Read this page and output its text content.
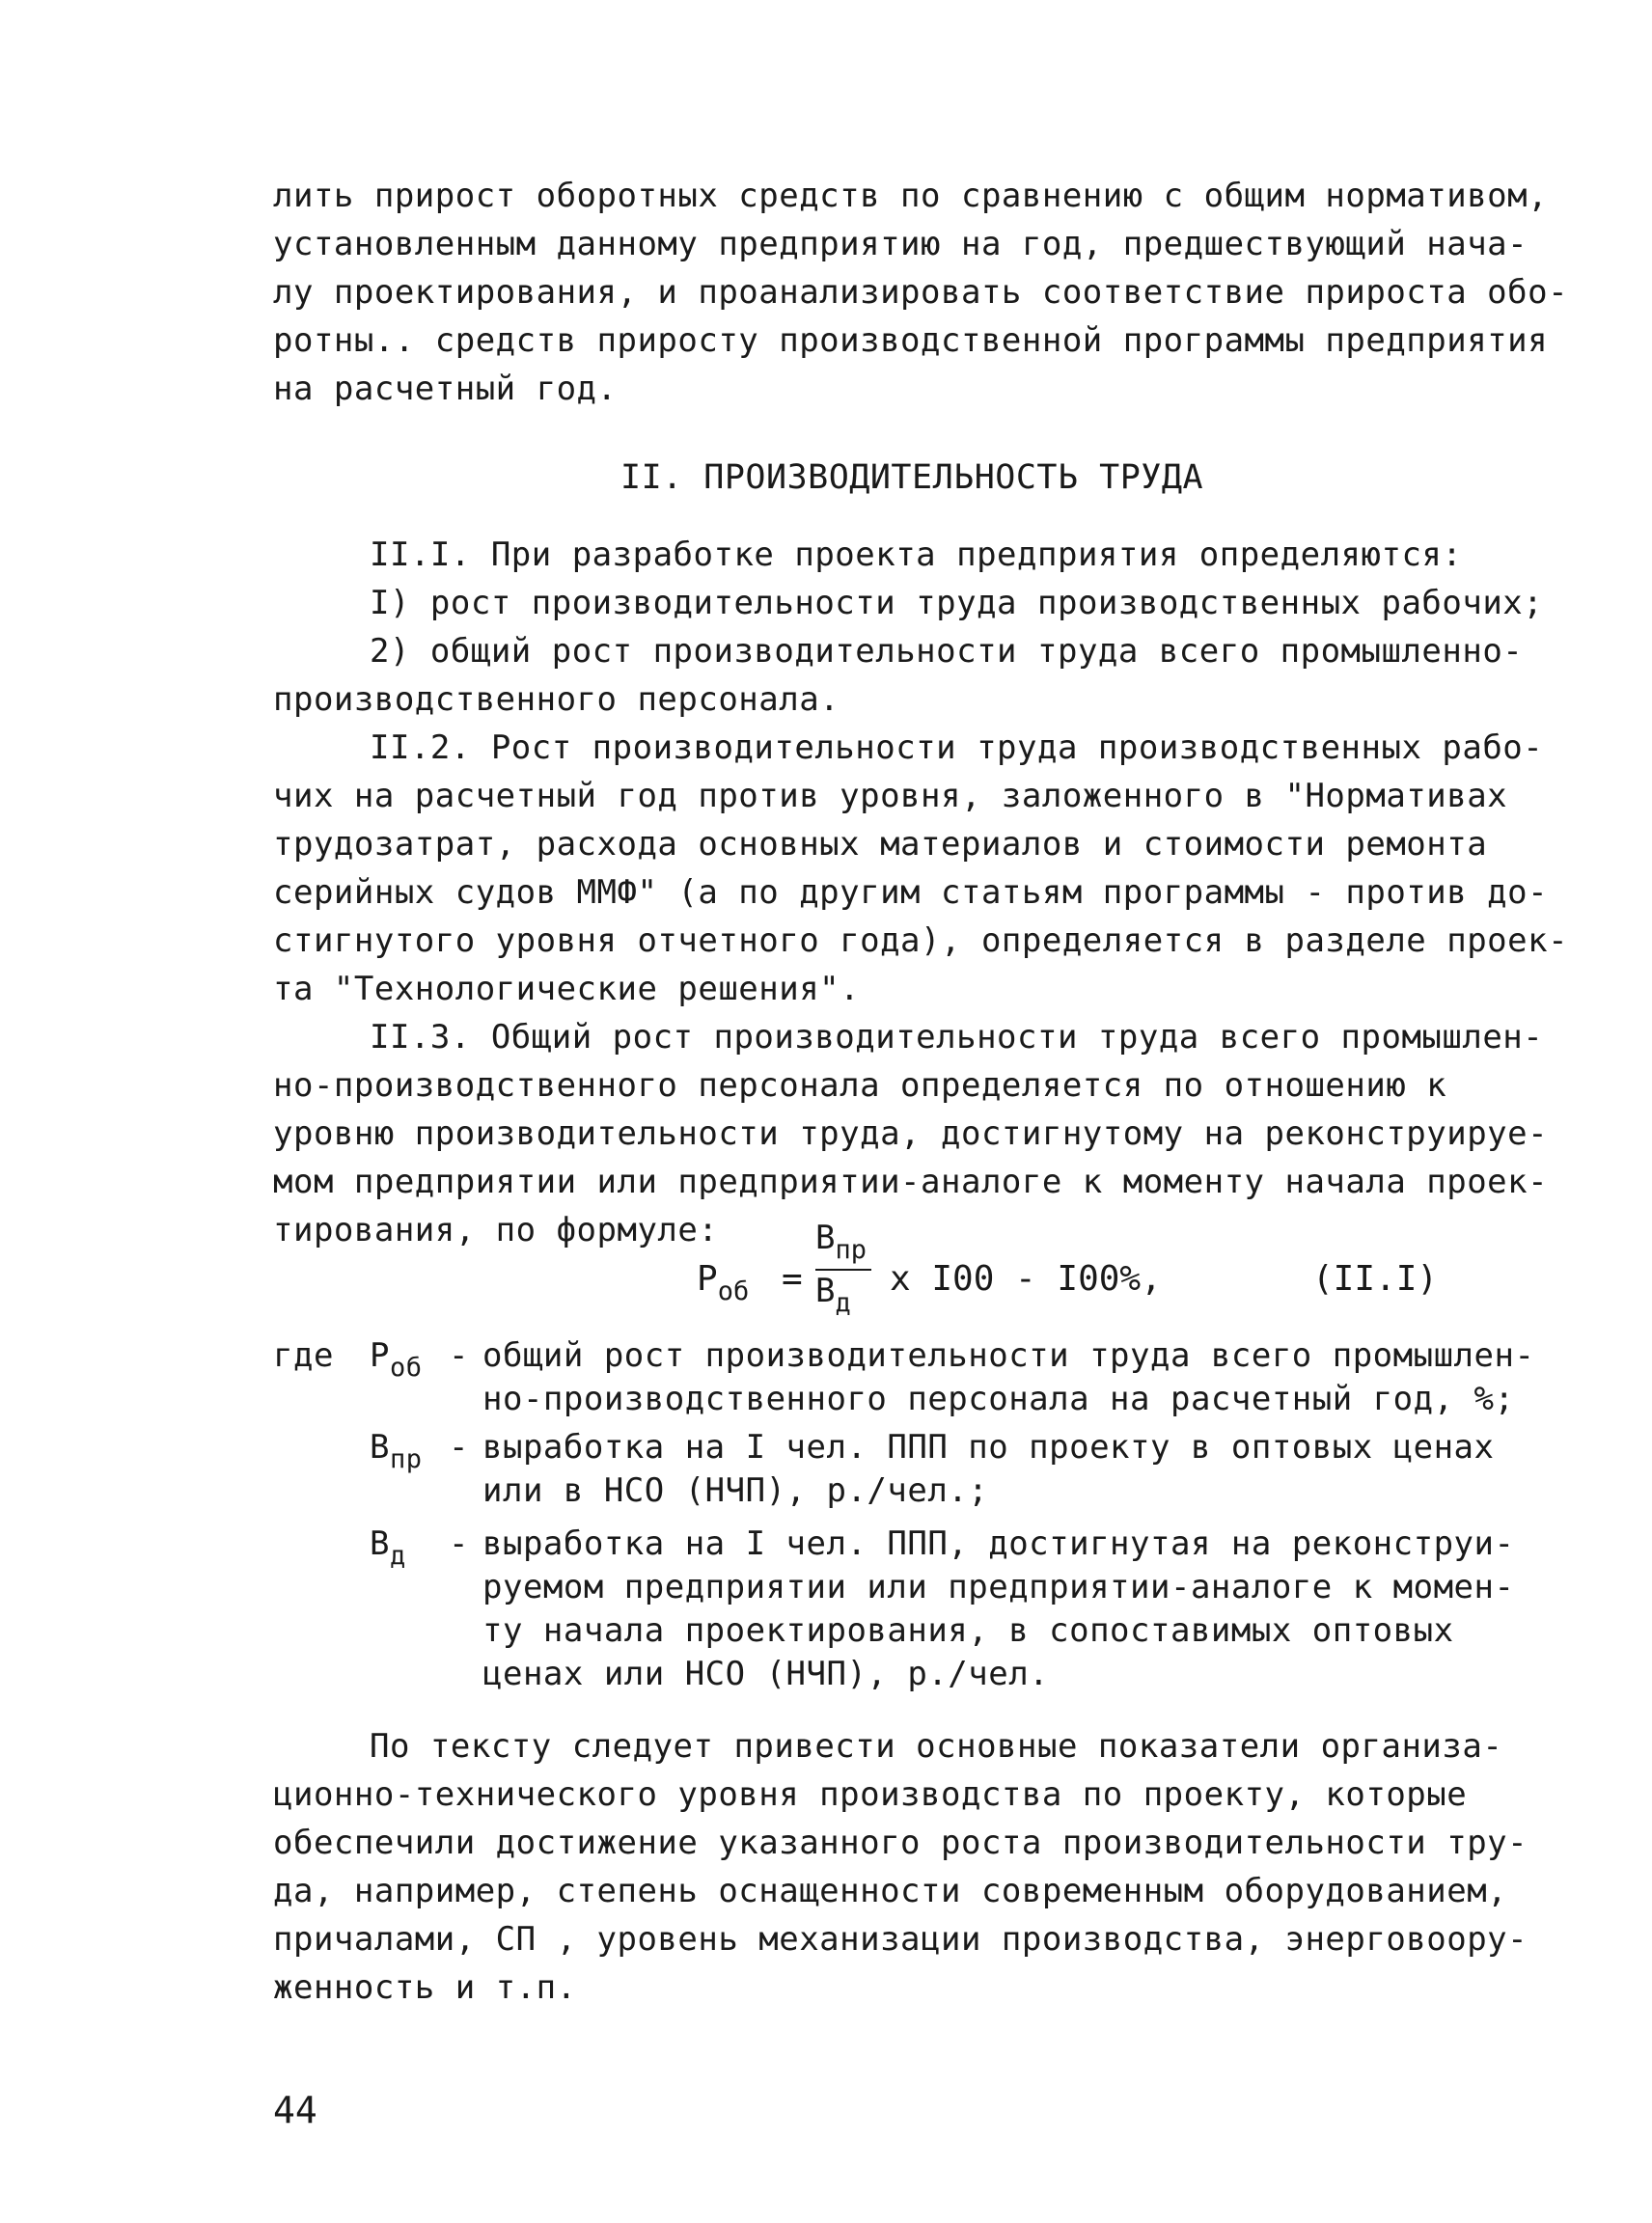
лить прирост оборотных средств по сравнению с общим нормативом,
установленным данному предприятию на год, предшествующий нача-
лу проектирования, и проанализировать соответствие прироста обо-
ротны.. средств приросту производственной программы предприятия
на расчетный год.
II. ПРОИЗВОДИТЕЛЬНОСТЬ ТРУДА
II.I. При разработке проекта предприятия определяются:
I) рост производительности труда производственных рабочих;
2) общий рост производительности труда всего промышленно-
производственного персонала.
II.2. Рост производительности труда производственных рабо-
чих на расчетный год против уровня, заложенного в "Нормативах
трудозатрат, расхода основных материалов и стоимости ремонта
серийных судов ММФ" (а по другим статьям программы - против до-
стигнутого уровня отчетного года), определяется в разделе проек-
та "Технологические решения".
II.3. Общий рост производительности труда всего промышлен-
но-производственного персонала определяется по отношению к
уровню производительности труда, достигнутому на реконструируе-
мом предприятии или предприятии-аналоге к моменту начала проек-
тирования, по формуле:
$Р_{об}$ =
$В_{пр}$
$В_д$
x I00 - I00%,	(II.I)
где $Р_{об}$ - общий рост производительности труда всего промышлен-
но-производственного персонала на расчетный год, %;
$В_{пр}$ - выработка на I чел. ППП по проекту в оптовых ценах
или в НСО (НЧП), р./чел.;
$В_д$ - выработка на I чел. ППП, достигнутая на реконструи-
руемом предприятии или предприятии-аналоге к момен-
ту начала проектирования, в сопоставимых оптовых
ценах или НСО (НЧП), р./чел.
По тексту следует привести основные показатели организа-
ционно-технического уровня производства по проекту, которые
обеспечили достижение указанного роста производительности тру-
да, например, степень оснащенности современным оборудованием,
причалами, СП , уровень механизации производства, энерговоору-
женность и т.п.
44
